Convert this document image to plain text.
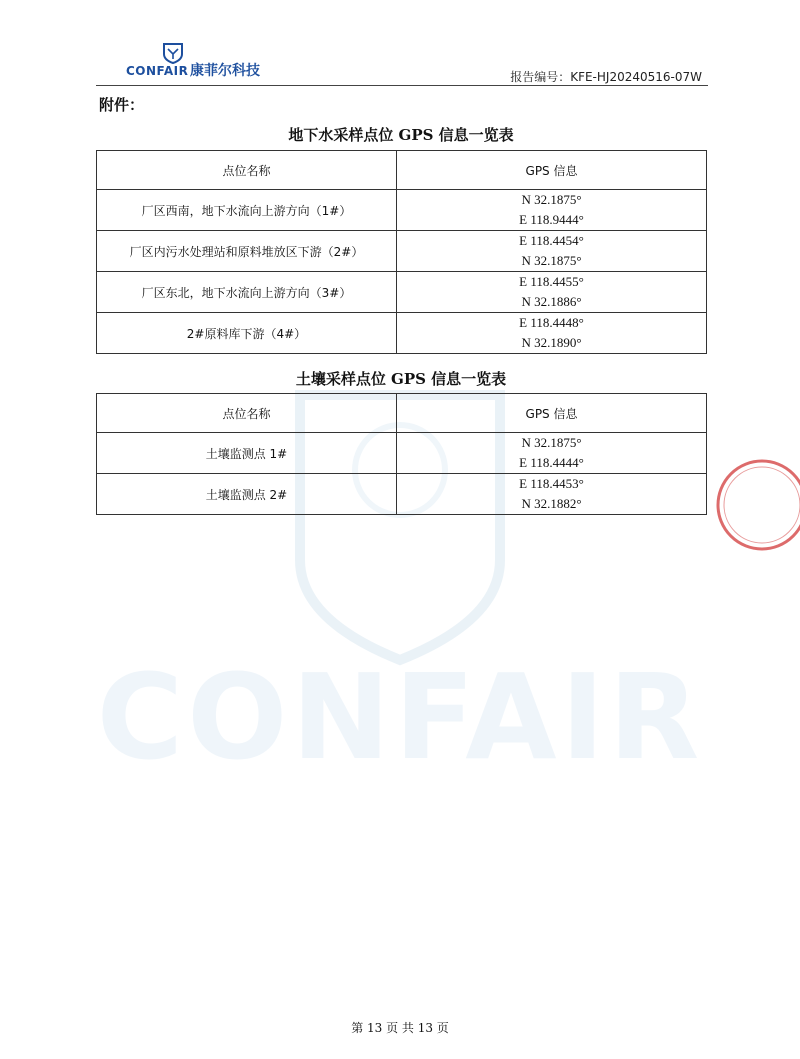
CONFAIR
CONFAIR 康菲尔科技	报告编号：KFE-HJ20240516-07W
附件：
地下水采样点位 GPS 信息一览表
点位名称	GPS 信息
厂区西南，地下水流向上游方向（1#）	N 32.1875°
E 118.9444°

厂区内污水处理站和原料堆放区下游（2#）	E 118.4454°
N 32.1875°

厂区东北，地下水流向上游方向（3#）	E 118.4455°
N 32.1886°

2#原料库下游（4#）	E 118.4448°
N 32.1890°
土壤采样点位 GPS 信息一览表
点位名称	GPS 信息
土壤监测点 1#	N 32.1875°
E 118.4444°

土壤监测点 2#	E 118.4453°
N 32.1882°
第 13 页 共 13 页
